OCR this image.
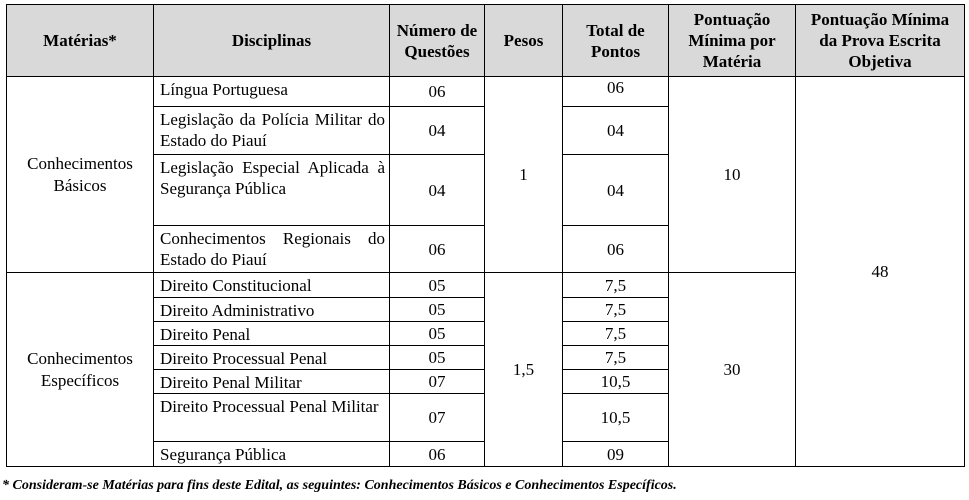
Matérias*	Disciplinas	Número de Questões	Pesos	Total de Pontos	Pontuação Mínima por Matéria	Pontuação Mínima da Prova Escrita Objetiva
Conhecimentos Básicos	Língua Portuguesa	06	1	06	10	48
	Legislação da Polícia Militar do Estado do Piauí	04		04		
	Legislação Especial Aplicada à Segurança Pública	04		04		
	Conhecimentos Regionais do Estado do Piauí	06		06		
Conhecimentos Específicos	Direito Constitucional	05	1,5	7,5	30	
	Direito Administrativo	05		7,5		
	Direito Penal	05		7,5		
	Direito Processual Penal	05		7,5		
	Direito Penal Militar	07		10,5		
	Direito Processual Penal Militar	07		10,5		
	Segurança Pública	06		09		
* Consideram-se Matérias para fins deste Edital, as seguintes: Conhecimentos Básicos e Conhecimentos Específicos.
